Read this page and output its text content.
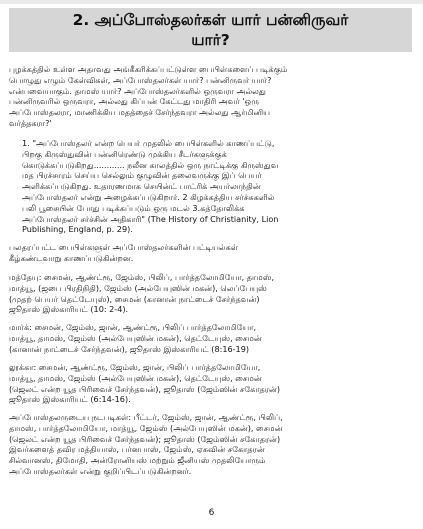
2. அப்போஸ்தலர்கள் யார் பன்னிருவர்
யார்?
புழக்கத்தில் உள்ள அதாவது அங்கீகரிக்கப்பட்டுள்ள பைபிள்களைப் படிக்கும்
பொழுது எழும் கேள்விகள், அப்போஸ்தலர்கள் யார்? பன்னிருவர் யார்?
என்பவையாகும். தாமஸ் யார்? அப்போஸ்தலர்களில் ஒருவரா அல்லது
பன்னிருவரில் ஒருவரா, அல்லது கிப்பன் கேட்டது மாதிரி அவர் 'ஒரு
அப்போஸ்தலரா, மாணிக்கிய மதத்தைச் சேர்ந்தவரா அல்லது ஆர்மினிய
வர்த்தகரா?'
1. "அப்போஸ்தலர் என்ற பெயர் முதலில் பைபிள்களில் காணப்பட்டு,
பிறகு கிருஸ்துவின் பன்னிரெண்டு முக்கிய சீடர்களுக்குக்
கொடுக்கப்படுகிறது............ நலீன காலத்தில் ஒரு நாட்டிக்கு கிருஸ்துவ
மத பிரச்சாரம் செய்ய செல்லும் குழுவின் தலைவருக்கு இப் பெயர்
அளிக்கப்படுகிறது. உதாரணமாக செயின்ட் பாட்ரிக் அயர்லாந்தின்
அப்போஸ்தலர் என்று அழைக்கப்படுகிறார். 2 கிழக்கத்திய சர்ச்சுகளில்
பலி பூசையின் போது படிக்கப்படும் ஒரு மடல் 3.கத்தோலிக்க
அப்போஸ்தலர் சர்ச்சின் அதிகாரி" (The History of Christianity, Lion
Publishing, England, p. 29).
பலதரப்பட்ட பைபிள்களுள் அப்போஸ்தலர்களின் பட்டியல்கள்
கீழ்கண்டவாறு காணப்படுகின்றன.
மத்தேயு: சைமன், ஆண்ட்ரூ, ஜேம்ஸ், பிலிப், பார்த்தலோமியோ, தாமஸ்,
மாத்யூ, (ஜபை பிரதிநிதி), ஜேம்ஸ் (அல்பேயுஸின் மகன்), லெப்பேயுஸ்
(முதற் பெயர் தெட்டேயுஸ்), சைமன் (கானான் நாட்டைச் சேர்ந்தவன்)
ஜூதாஸ் இஸ்காரியட் (10: 2-4).
மார்க்: சைமன், ஜேம்ஸ், ஜான், ஆண்ட்ரூ, பிலிப் பார்த்தலோமியோ,
மாத்யூ, தாமஸ், ஜேம்ஸ் (அல்பேயுஸின் மகன்), தெட்டேயுஸ், சைமன்
(கானான் நாட்டைச் சேர்ந்தவன்), ஜூதாஸ் இஸ்காரியட் (8:16-19)
லூக்கா: சைமன், ஆண்ட்ரூ, ஜேம்ஸ், ஜான், பிலிப் பார்த்தலோமியோ,
மாத்யூ, தாமஸ், ஜேம்ஸ் (அல்பேயுஸின் மகன்), தெட்டேயுஸ், சைமன்
(ஜெலட் என்ற யூத பிரிவைச் சேர்ந்தவன்), ஜூதாஸ் (ஜேம்ஸின் சகோதரன்)
ஜூதாஸ் இஸ்காரியட் (6:14-16).
அப்போஸ்தலருடைய நடபடிகள்: பீட்டர், ஜேம்ஸ், ஜான், ஆண்ட்ரூ, பிலிப்,
தாமஸ், பார்த்தலோமியோ, மாத்யூ, ஜேம்ஸ் (அல்பேயுஸின் மகன்), சைமன்
(ஜெலட் என்ற யூத பிரிவைச் சேர்ந்தவன்); ஜூதாஸ் (ஜேம்ஸின் சகோதரன்)
இவர்களைத் தவிர மத்தியாஸ், பர்னபாஸ், ஜேம்ஸ், ஏசுவின் சகோதரன்
சில்வானஸ், திமோதி, அன்ரோனியஸ் மற்றும் ஜீனியஸ் முதலியோரும்
அப்போஸ்தலர்கள் என்று குறிப்பிடப்படுகின்றனர்.
6
